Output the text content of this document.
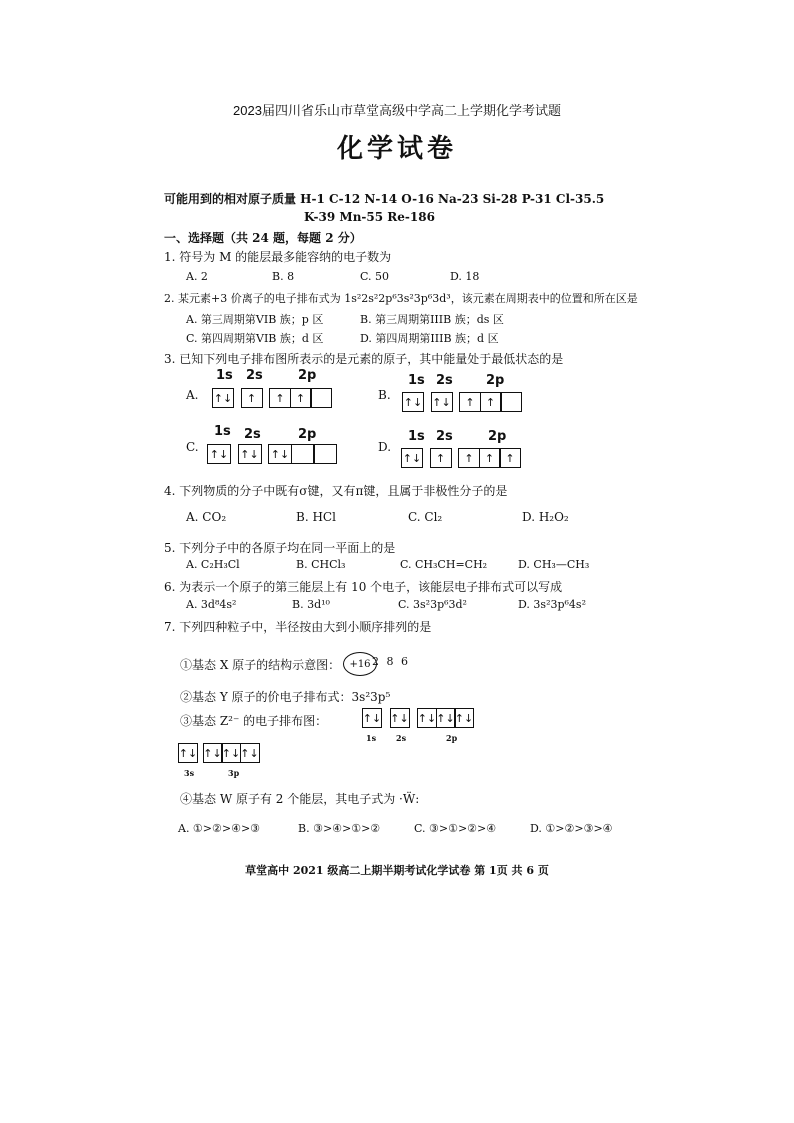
2023届四川省乐山市草堂高级中学高二上学期化学考试题
化学试卷
可能用到的相对原子质量 H-1 C-12 N-14 O-16 Na-23 Si-28 P-31 Cl-35.5
K-39 Mn-55 Re-186
一、选择题（共 24 题，每题 2 分）
1. 符号为 M 的能层最多能容纳的电子数为
A. 2	B. 8	C. 50	D. 18
2. 某元素+3 价离子的电子排布式为 1s²2s²2p⁶3s²3p⁶3d³，该元素在周期表中的位置和所在区是
A. 第三周期第VIB 族；p 区	B. 第三周期第IIIB 族；ds 区
C. 第四周期第VIB 族；d 区	D. 第四周期第IIIB 族；d 区
3. 已知下列电子排布图所表示的是元素的原子，其中能量处于最低状态的是
A.
1s 2s	2p
↑↓	↑	↑	↑	B.
1s 2s	2p
↑↓ ↑↓	↑	↑
C.
1s 2s	2p
↑↓ ↑↓ ↑↓	D.
1s 2s	2p
↑↓	↑	↑	↑	↑
4. 下列物质的分子中既有σ键，又有π键，且属于非极性分子的是
A. CO₂	B. HCl	C. Cl₂	D. H₂O₂
5. 下列分子中的各原子均在同一平面上的是
A. C₂H₃Cl	B. CHCl₃	C. CH₃CH=CH₂	D. CH₃—CH₃
6. 为表示一个原子的第三能层上有 10 个电子，该能层电子排布式可以写成
A. 3d⁸4s²	B. 3d¹⁰	C. 3s²3p⁶3d²	D. 3s²3p⁶4s²
7. 下列四种粒子中，半径按由大到小顺序排列的是
①基态 X 原子的结构示意图： +16 2 8 6
②基态 Y 原子的价电子排布式：3s²3p⁵
③基态 Z²⁻ 的电子排布图：	↑↓ ↑↓ ↑↓ ↑↓ ↑↓
1s 2s	2p
↑↓ ↑↓ ↑↓ ↑↓
3s	3p
④基态 W 原子有 2 个能层，其电子式为 ·Ẅ:
A. ①>②>④>③	B. ③>④>①>②	C. ③>①>②>④	D. ①>②>③>④
草堂高中 2021 级高二上期半期考试化学试卷 第 1页 共 6 页
